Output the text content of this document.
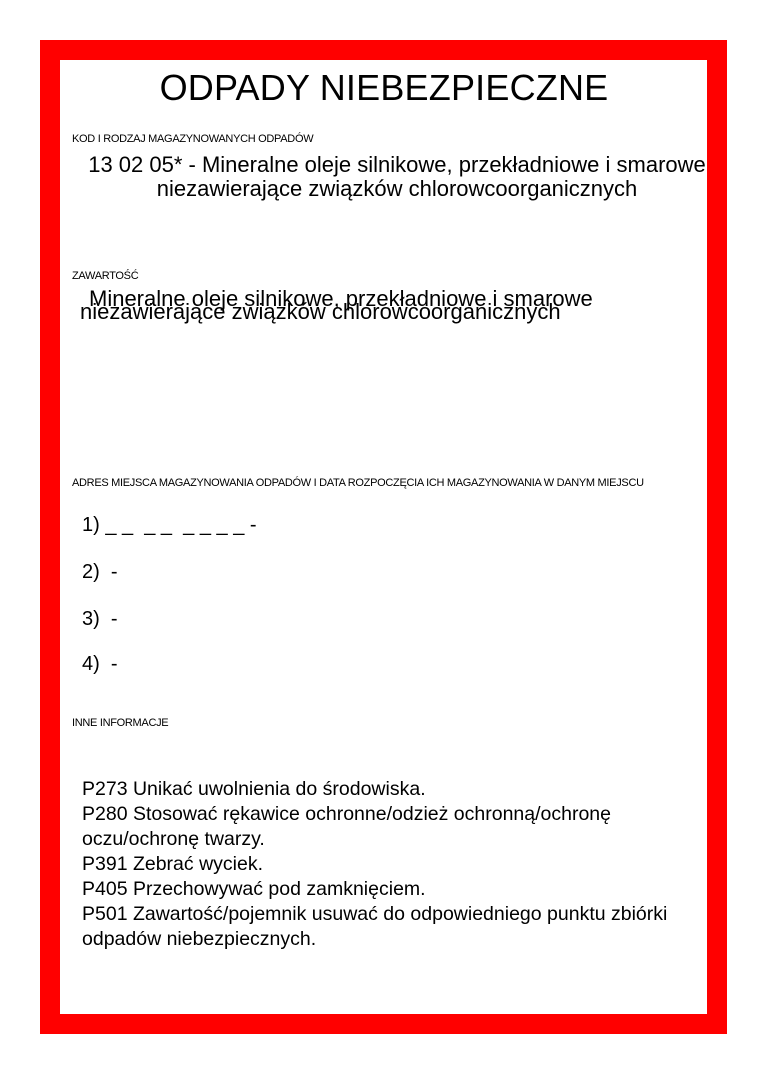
ODPADY NIEBEZPIECZNE
KOD I RODZAJ MAGAZYNOWANYCH ODPADÓW
13 02 05* - Mineralne oleje silnikowe, przekładniowe i smarowe niezawierające związków chlorowcoorganicznych
ZAWARTOŚĆ
Mineralne oleje silnikowe, przekładniowe i smarowe niezawierające związków chlorowcoorganicznych
ADRES MIEJSCA MAGAZYNOWANIA ODPADÓW I DATA ROZPOCZĘCIA ICH MAGAZYNOWANIA W DANYM MIEJSCU
1) _ _  _ _  _ _ _ _ -
2)  -
3)  -
4)  -
INNE INFORMACJE
P273 Unikać uwolnienia do środowiska.
P280 Stosować rękawice ochronne/odzież ochronną/ochronę oczu/ochronę twarzy.
P391 Zebrać wyciek.
P405 Przechowywać pod zamknięciem.
P501 Zawartość/pojemnik usuwać do odpowiedniego punktu zbiórki odpadów niebezpiecznych.
